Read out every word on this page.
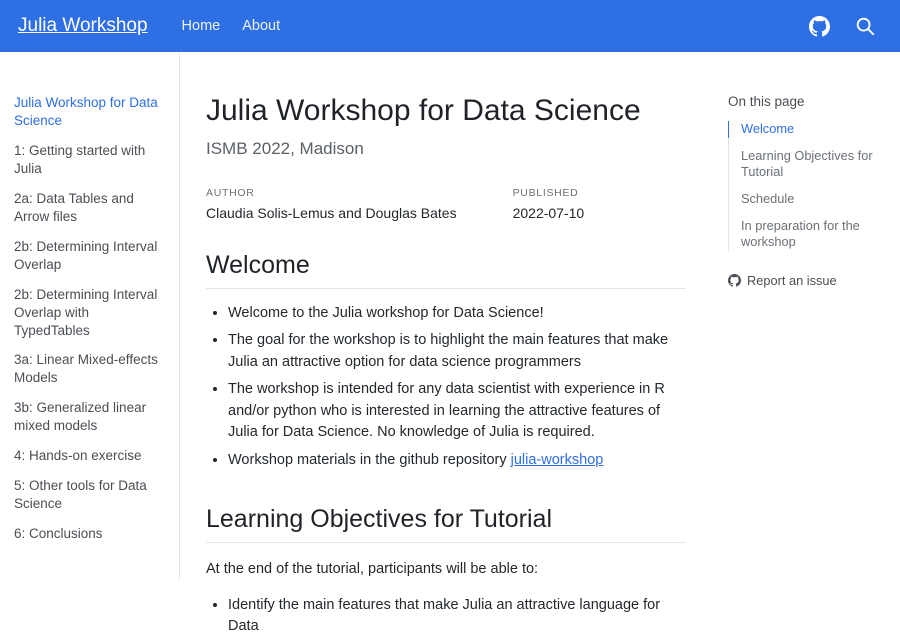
Julia Workshop Home About
Julia Workshop for Data Science
1: Getting started with Julia
2a: Data Tables and Arrow files
2b: Determining Interval Overlap
2b: Determining Interval Overlap with TypedTables
3a: Linear Mixed-effects Models
3b: Generalized linear mixed models
4: Hands-on exercise
5: Other tools for Data Science
6: Conclusions
Julia Workshop for Data Science
ISMB 2022, Madison
AUTHOR
Claudia Solis-Lemus and Douglas Bates
PUBLISHED
2022-07-10
Welcome
• Welcome to the Julia workshop for Data Science!
• The goal for the workshop is to highlight the main features that make Julia an attractive option for data science programmers
• The workshop is intended for any data scientist with experience in R and/or python who is interested in learning the attractive features of Julia for Data Science. No knowledge of Julia is required.
• Workshop materials in the github repository julia-workshop
Learning Objectives for Tutorial

At the end of the tutorial, participants will be able to:

• Identify the main features that make Julia an attractive language for Data
On this page
Welcome
Learning Objectives for Tutorial
Schedule
In preparation for the workshop
Report an issue
